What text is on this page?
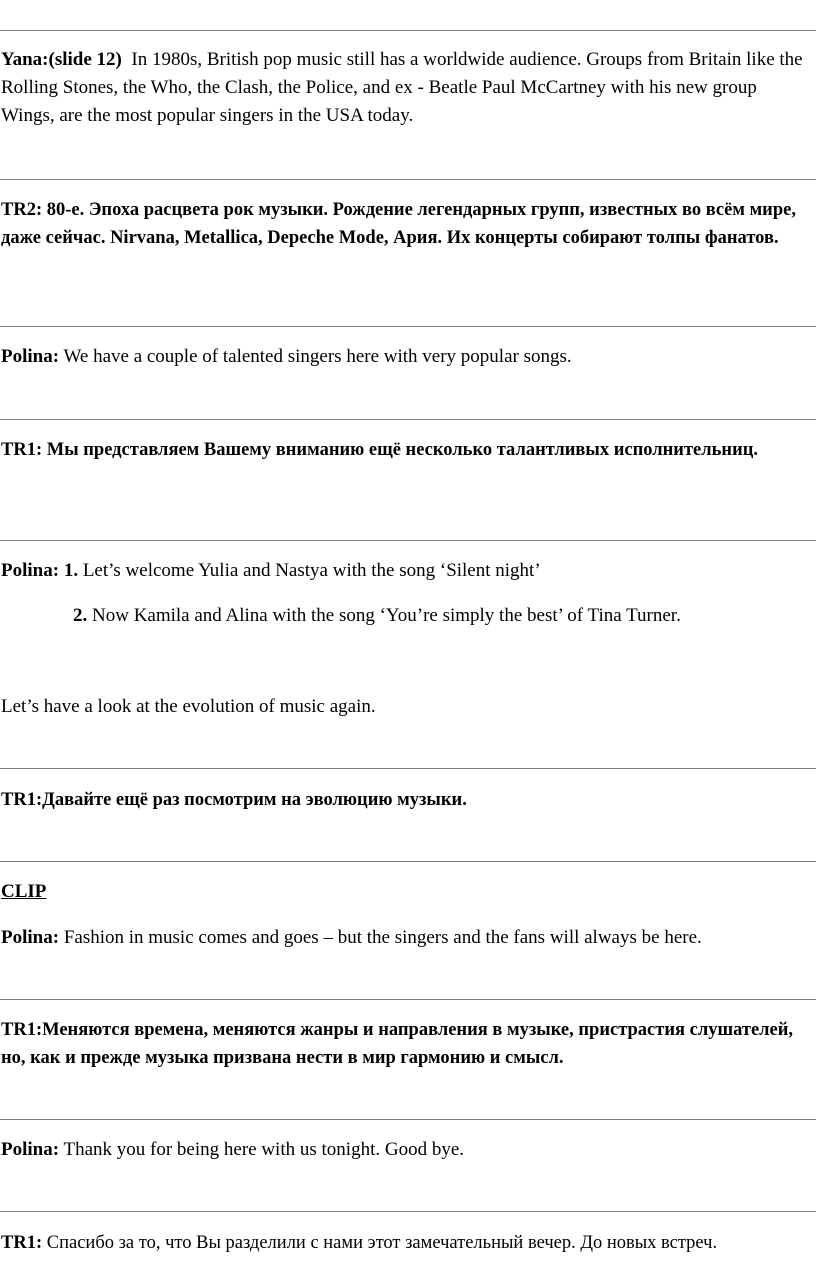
Yana:(slide 12) In 1980s, British pop music still has a worldwide audience. Groups from Britain like the Rolling Stones, the Who, the Clash, the Police, and ex - Beatle Paul McCartney with his new group Wings, are the most popular singers in the USA today.
TR2: 80-е. Эпоха расцвета рок музыки. Рождение легендарных групп, известных во всём мире, даже сейчас. Nirvana, Metallica, Depeche Mode, Ария. Их концерты собирают толпы фанатов.
Polina: We have a couple of talented singers here with very popular songs.
TR1: Мы представляем Вашему вниманию ещё несколько талантливых исполнительниц.
Polina: 1. Let’s welcome Yulia and Nastya with the song ‘Silent night’
2. Now Kamila and Alina with the song ‘You’re simply the best’ of Tina Turner.
Let’s have a look at the evolution of music again.
TR1:Давайте ещё раз посмотрим на эволюцию музыки.
CLIP
Polina: Fashion in music comes and goes – but the singers and the fans will always be here.
TR1:Меняются времена, меняются жанры и направления в музыке, пристрастия слушателей, но, как и прежде музыка призвана нести в мир гармонию и смысл.
Polina: Thank you for being here with us tonight. Good bye.
TR1: Спасибо за то, что Вы разделили с нами этот замечательный вечер. До новых встреч.
